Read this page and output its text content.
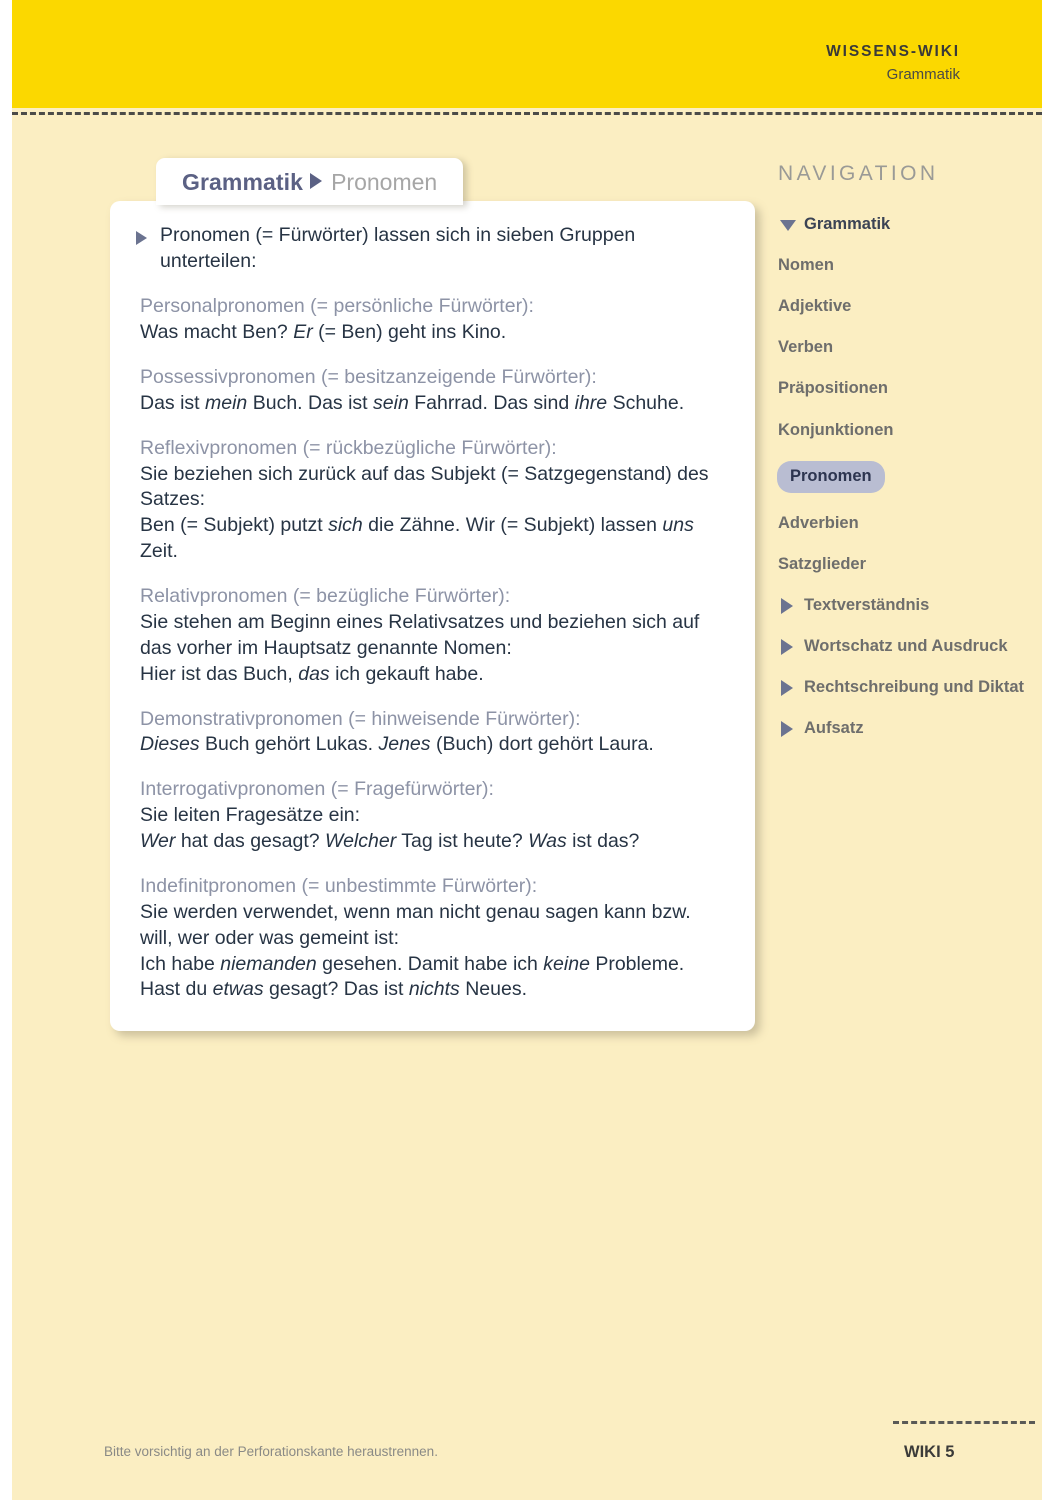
WISSENS-WIKI
Grammatik
Grammatik Pronomen

Pronomen (= Fürwörter) lassen sich in sieben Gruppen unterteilen:

Personalpronomen (= persönliche Fürwörter):
Was macht Ben? Er (= Ben) geht ins Kino.
Possessivpronomen (= besitzanzeigende Fürwörter):
Das ist mein Buch. Das ist sein Fahrrad. Das sind ihre Schuhe.
Reflexivpronomen (= rückbezügliche Fürwörter):
Sie beziehen sich zurück auf das Subjekt (= Satzgegenstand) des Satzes:
Ben (= Subjekt) putzt sich die Zähne. Wir (= Subjekt) lassen uns Zeit.
Relativpronomen (= bezügliche Fürwörter):
Sie stehen am Beginn eines Relativsatzes und beziehen sich auf das vorher im Hauptsatz genannte Nomen:
Hier ist das Buch, das ich gekauft habe.
Demonstrativpronomen (= hinweisende Fürwörter):
Dieses Buch gehört Lukas. Jenes (Buch) dort gehört Laura.
Interrogativpronomen (= Fragefürwörter):
Sie leiten Fragesätze ein:
Wer hat das gesagt? Welcher Tag ist heute? Was ist das?
Indefinitpronomen (= unbestimmte Fürwörter):
Sie werden verwendet, wenn man nicht genau sagen kann bzw. will, wer oder was gemeint ist:
Ich habe niemanden gesehen. Damit habe ich keine Probleme. Hast du etwas gesagt? Das ist nichts Neues.
NAVIGATION
Grammatik
Nomen
Adjektive
Verben
Präpositionen
Konjunktionen
Pronomen
Adverbien
Satzglieder
Textverständnis
Wortschatz und Ausdruck
Rechtschreibung und Diktat
Aufsatz
Bitte vorsichtig an der Perforationskante heraustrennen.	WIKI 5
